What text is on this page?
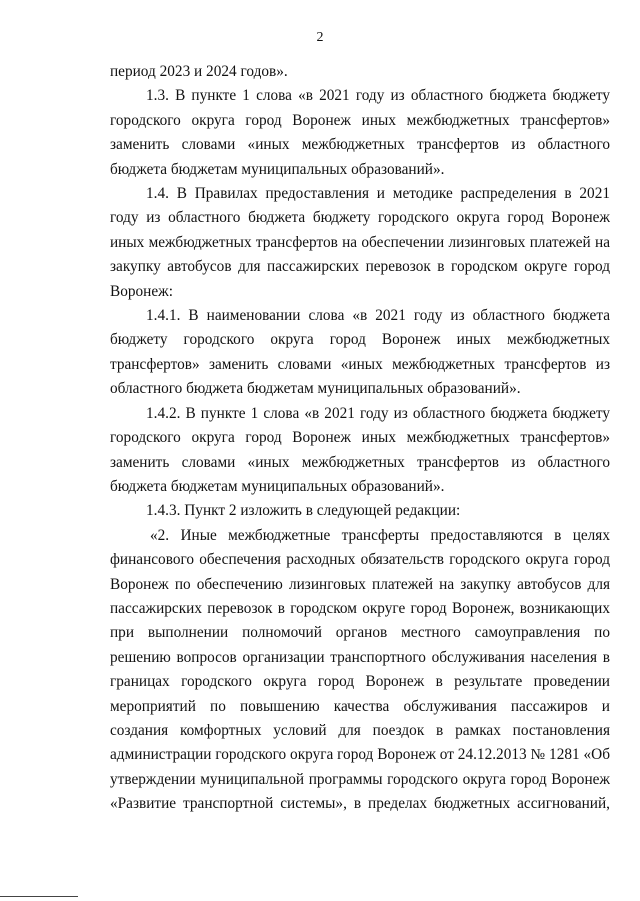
2

период 2023 и 2024 годов».

1.3. В пункте 1 слова «в 2021 году из областного бюджета бюджету городского округа город Воронеж иных межбюджетных трансфертов» заменить словами «иных межбюджетных трансфертов из областного бюджета бюджетам муниципальных образований».

1.4. В Правилах предоставления и методике распределения в 2021 году из областного бюджета бюджету городского округа город Воронеж иных межбюджетных трансфертов на обеспечении лизинговых платежей на закупку автобусов для пассажирских перевозок в городском округе город Воронеж:

1.4.1. В наименовании слова «в 2021 году из областного бюджета бюджету городского округа город Воронеж иных межбюджетных трансфертов» заменить словами «иных межбюджетных трансфертов из областного бюджета бюджетам муниципальных образований».

1.4.2. В пункте 1 слова «в 2021 году из областного бюджета бюджету городского округа город Воронеж иных межбюджетных трансфертов» заменить словами «иных межбюджетных трансфертов из областного бюджета бюджетам муниципальных образований».

1.4.3. Пункт 2 изложить в следующей редакции:

«2. Иные межбюджетные трансферты предоставляются в целях финансового обеспечения расходных обязательств городского округа город Воронеж по обеспечению лизинговых платежей на закупку автобусов для пассажирских перевозок в городском округе город Воронеж, возникающих при выполнении полномочий органов местного самоуправления по решению вопросов организации транспортного обслуживания населения в границах городского округа город Воронеж в результате проведении мероприятий по повышению качества обслуживания пассажиров и создания комфортных условий для поездок в рамках постановления администрации городского округа город Воронеж от 24.12.2013 № 1281 «Об утверждении муниципальной программы городского округа город Воронеж «Развитие транспортной системы», в пределах бюджетных ассигнований,
